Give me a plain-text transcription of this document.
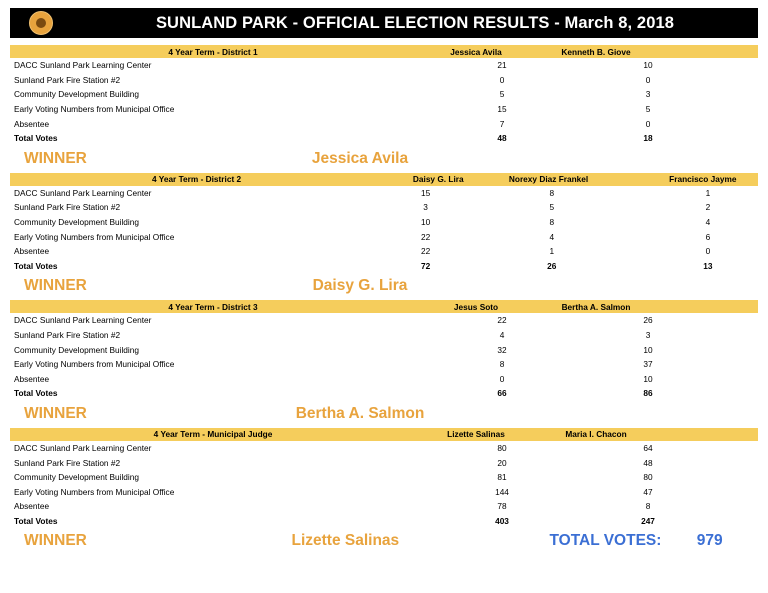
SUNLAND PARK - OFFICIAL ELECTION RESULTS - March 8, 2018
4 Year Term - District 1	Jessica Avila	Kenneth B. Giove
DACC Sunland Park Learning Center	21	10
Sunland Park Fire Station #2	0	0
Community Development Building	5	3
Early Voting Numbers from Municipal Office	15	5
Absentee	7	0
Total Votes	48	18
WINNER	Jessica Avila
4 Year Term - District 2	Daisy G. Lira	Norexy Diaz Frankel	Francisco Jayme
DACC Sunland Park Learning Center	15	8	1
Sunland Park Fire Station #2	3	5	2
Community Development Building	10	8	4
Early Voting Numbers from Municipal Office	22	4	6
Absentee	22	1	0
Total Votes	72	26	13
WINNER	Daisy G. Lira
4 Year Term - District 3	Jesus Soto	Bertha A. Salmon
DACC Sunland Park Learning Center	22	26
Sunland Park Fire Station #2	4	3
Community Development Building	32	10
Early Voting Numbers from Municipal Office	8	37
Absentee	0	10
Total Votes	66	86
WINNER	Bertha A. Salmon
4 Year Term - Municipal Judge	Lizette Salinas	Maria I. Chacon
DACC Sunland Park Learning Center	80	64
Sunland Park Fire Station #2	20	48
Community Development Building	81	80
Early Voting Numbers from Municipal Office	144	47
Absentee	78	8
Total Votes	403	247
WINNER	Lizette Salinas	TOTAL VOTES:	979
